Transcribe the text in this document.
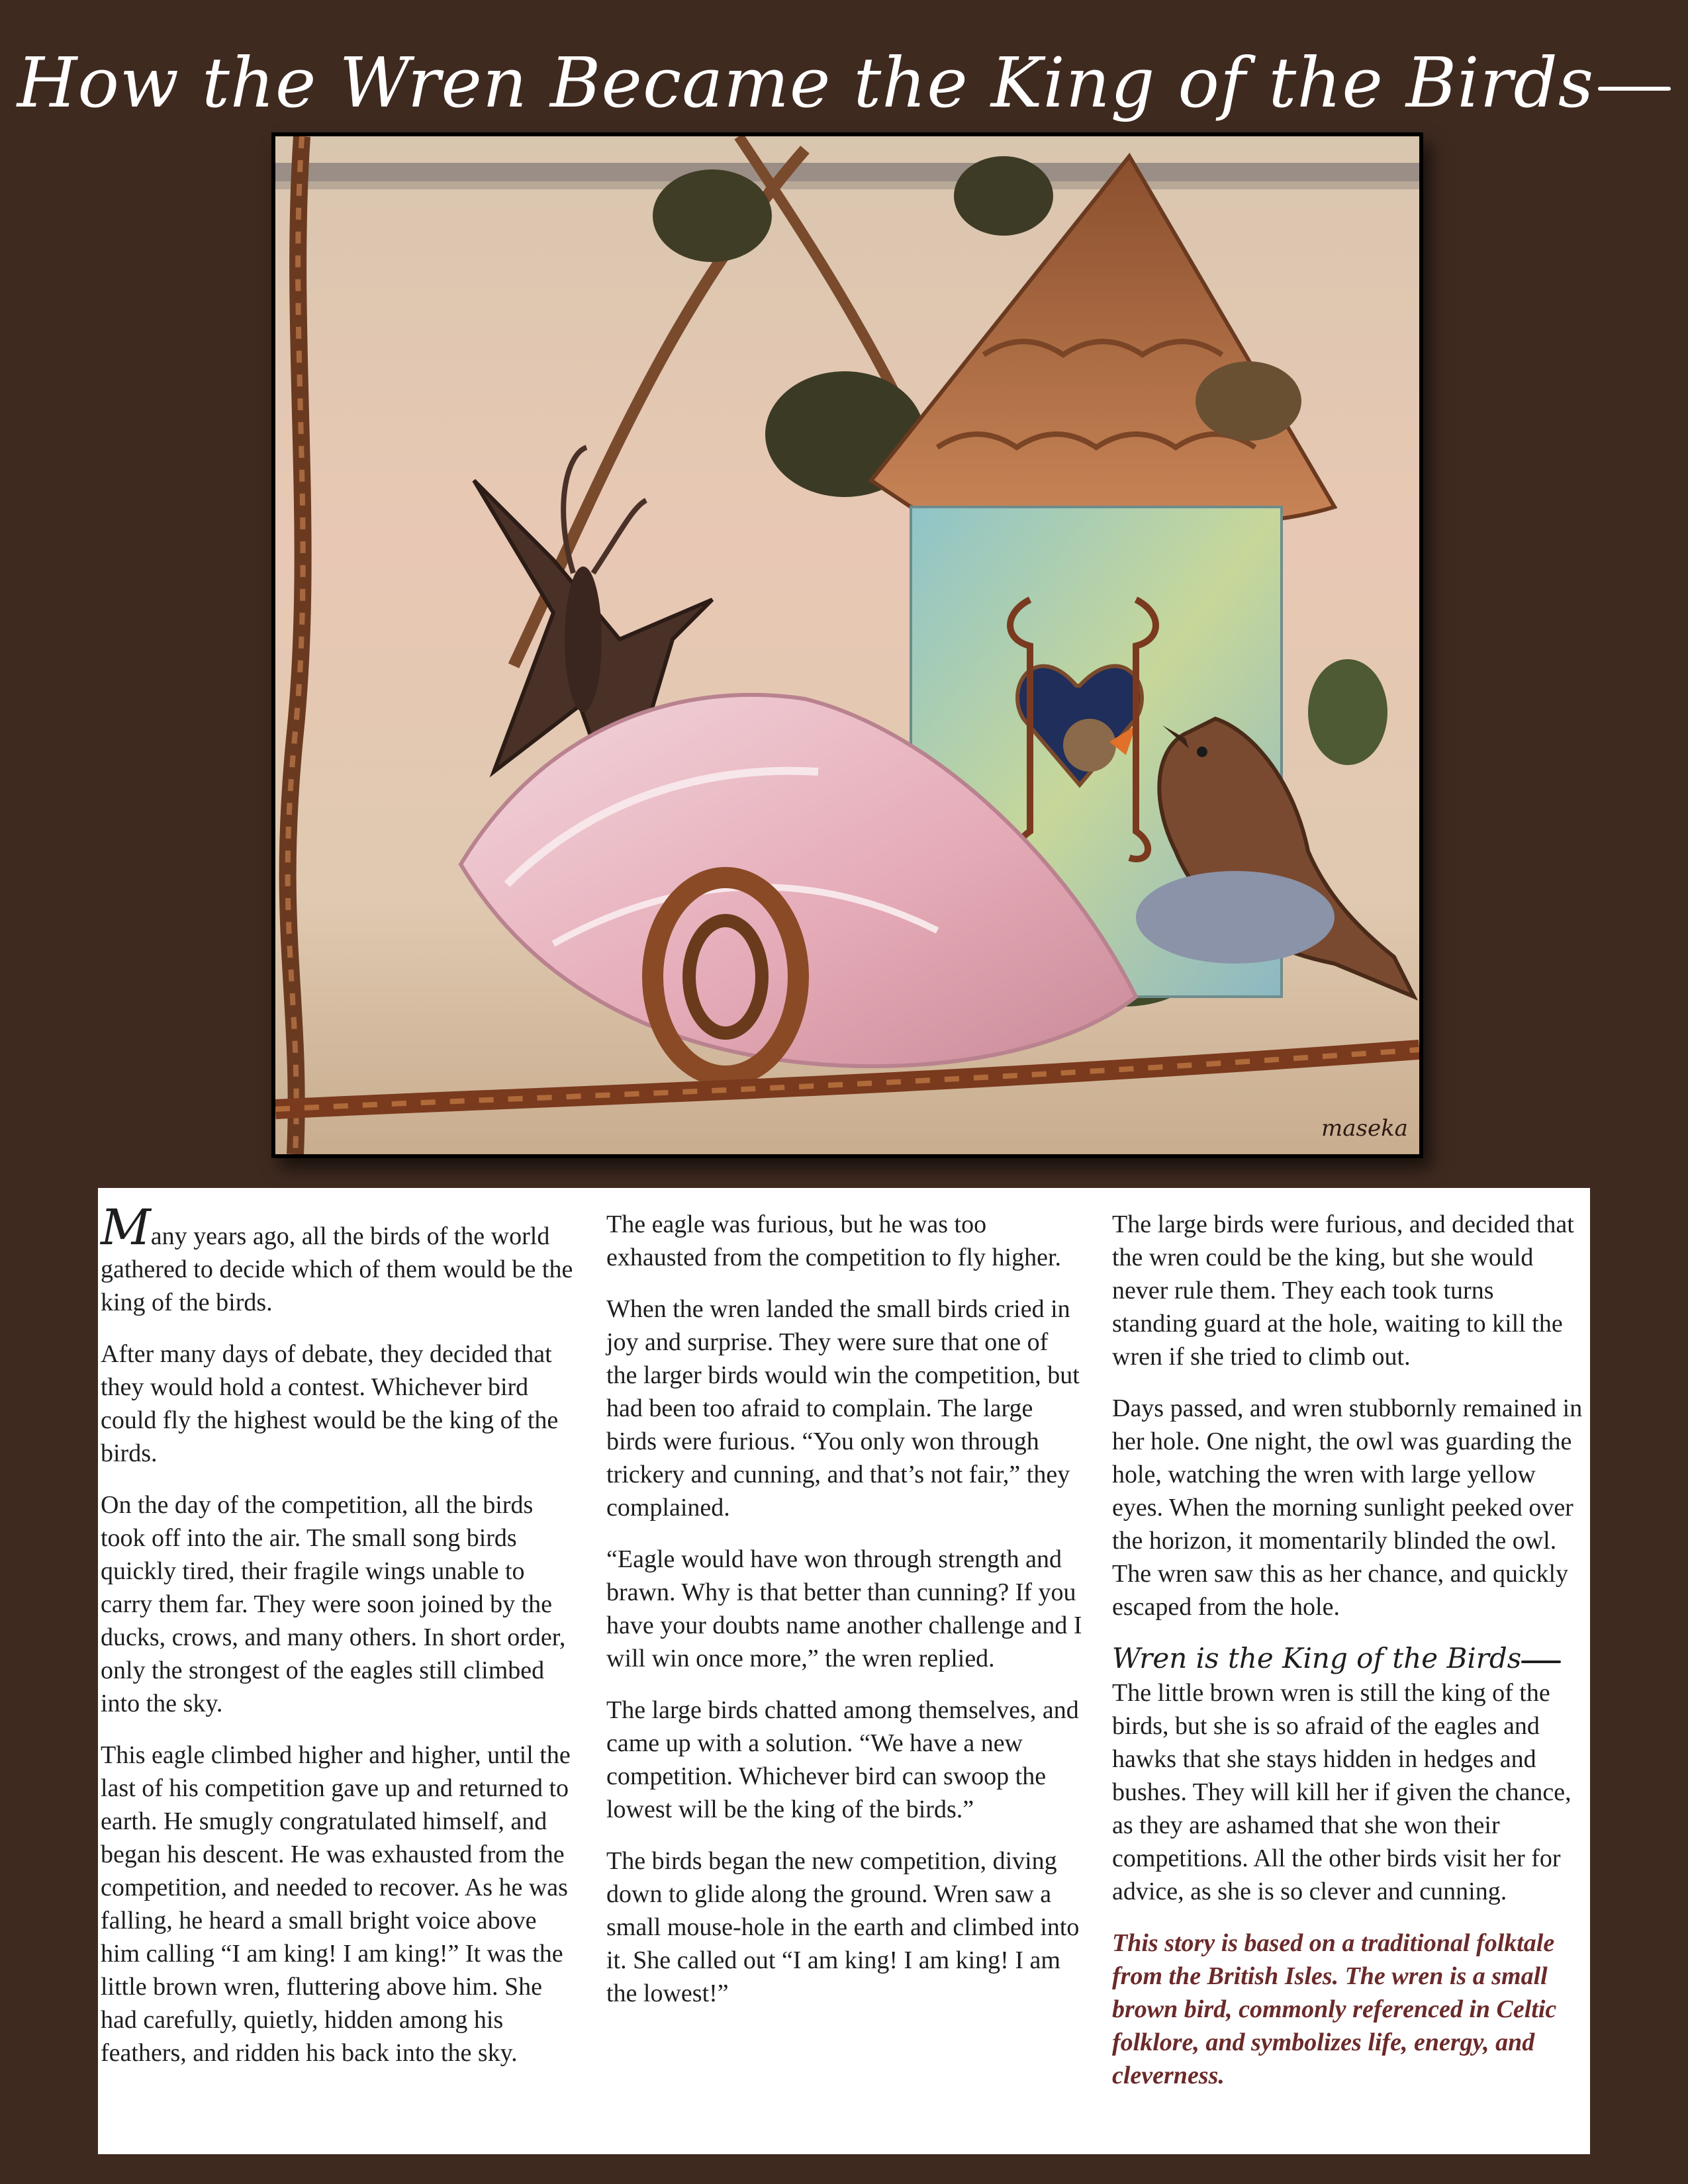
How the Wren Became the King of the Birds
maseka

Many years ago, all the birds of the world gathered to decide which of them would be the king of the birds.

After many days of debate, they decided that they would hold a contest. Whichever bird could fly the highest would be the king of the birds.

On the day of the competition, all the birds took off into the air. The small song birds quickly tired, their fragile wings unable to carry them far. They were soon joined by the ducks, crows, and many others. In short order, only the strongest of the eagles still climbed into the sky.

This eagle climbed higher and higher, until the last of his competition gave up and returned to earth. He smugly congratulated himself, and began his descent. He was exhausted from the competition, and needed to recover. As he was falling, he heard a small bright voice above him calling “I am king! I am king!” It was the little brown wren, fluttering above him. She had carefully, quietly, hidden among his feathers, and ridden his back into the sky.

The eagle was furious, but he was too exhausted from the competition to fly higher.

When the wren landed the small birds cried in joy and surprise. They were sure that one of the larger birds would win the competition, but had been too afraid to complain. The large birds were furious. “You only won through trickery and cunning, and that’s not fair,” they complained.

“Eagle would have won through strength and brawn. Why is that better than cunning? If you have your doubts name another challenge and I will win once more,” the wren replied.

The large birds chatted among themselves, and came up with a solution. “We have a new competition. Whichever bird can swoop the lowest will be the king of the birds.”

The birds began the new competition, diving down to glide along the ground. Wren saw a small mouse-hole in the earth and climbed into it. She called out “I am king! I am king! I am the lowest!”

The large birds were furious, and decided that the wren could be the king, but she would never rule them. They each took turns standing guard at the hole, waiting to kill the wren if she tried to climb out.

Days passed, and wren stubbornly remained in her hole. One night, the owl was guarding the hole, watching the wren with large yellow eyes. When the morning sunlight peeked over the horizon, it momentarily blinded the owl. The wren saw this as her chance, and quickly escaped from the hole.

Wren is the King of the BirdsThe little brown wren is still the king of the birds, but she is so afraid of the eagles and hawks that she stays hidden in hedges and bushes. They will kill her if given the chance, as they are ashamed that she won their competitions. All the other birds visit her for advice, as she is so clever and cunning.

This story is based on a traditional folktale from the British Isles. The wren is a small brown bird, commonly referenced in Celtic folklore, and symbolizes life, energy, and cleverness.
